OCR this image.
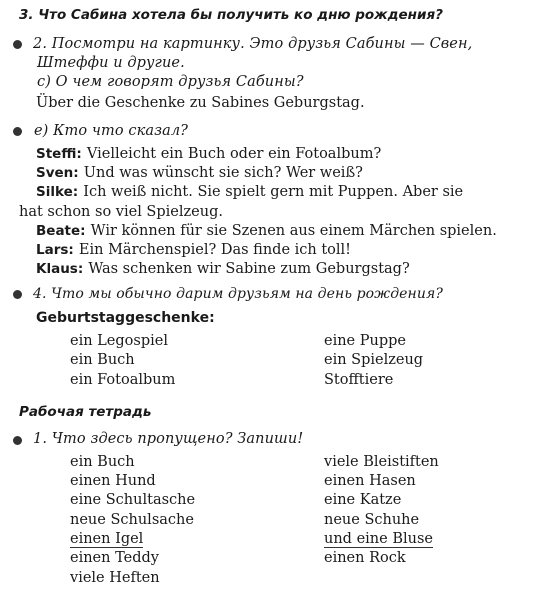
3. Что Сабина хотела бы получить ко дню рождения?
2. Посмотри на картинку. Это друзья Сабины — Свен,
Штеффи и другие.
c) О чем говорят друзья Сабины?
Über die Geschenke zu Sabines Geburgstag.
e) Кто что сказал?
Steffi: Vielleicht ein Buch oder ein Fotoalbum?
Sven: Und was wünscht sie sich? Wer weiß?
Silke: Ich weiß nicht. Sie spielt gern mit Puppen. Aber sie
hat schon so viel Spielzeug.
Beate: Wir können für sie Szenen aus einem Märchen spielen.
Lars: Ein Märchenspiel? Das finde ich toll!
Klaus: Was schenken wir Sabine zum Geburgstag?
4. Что мы обычно дарим друзьям на день рождения?
Geburtstaggeschenke:
ein Legospiel
ein Buch
ein Fotoalbum
eine Puppe
ein Spielzeug
Stofftiere
Рабочая тетрадь
1. Что здесь пропущено? Запиши!
ein Buch
einen Hund
eine Schultasche
neue Schulsache
einen Igel
einen Teddy
viele Heften
viele Bleistiften
einen Hasen
eine Katze
neue Schuhe
und eine Bluse
einen Rock
